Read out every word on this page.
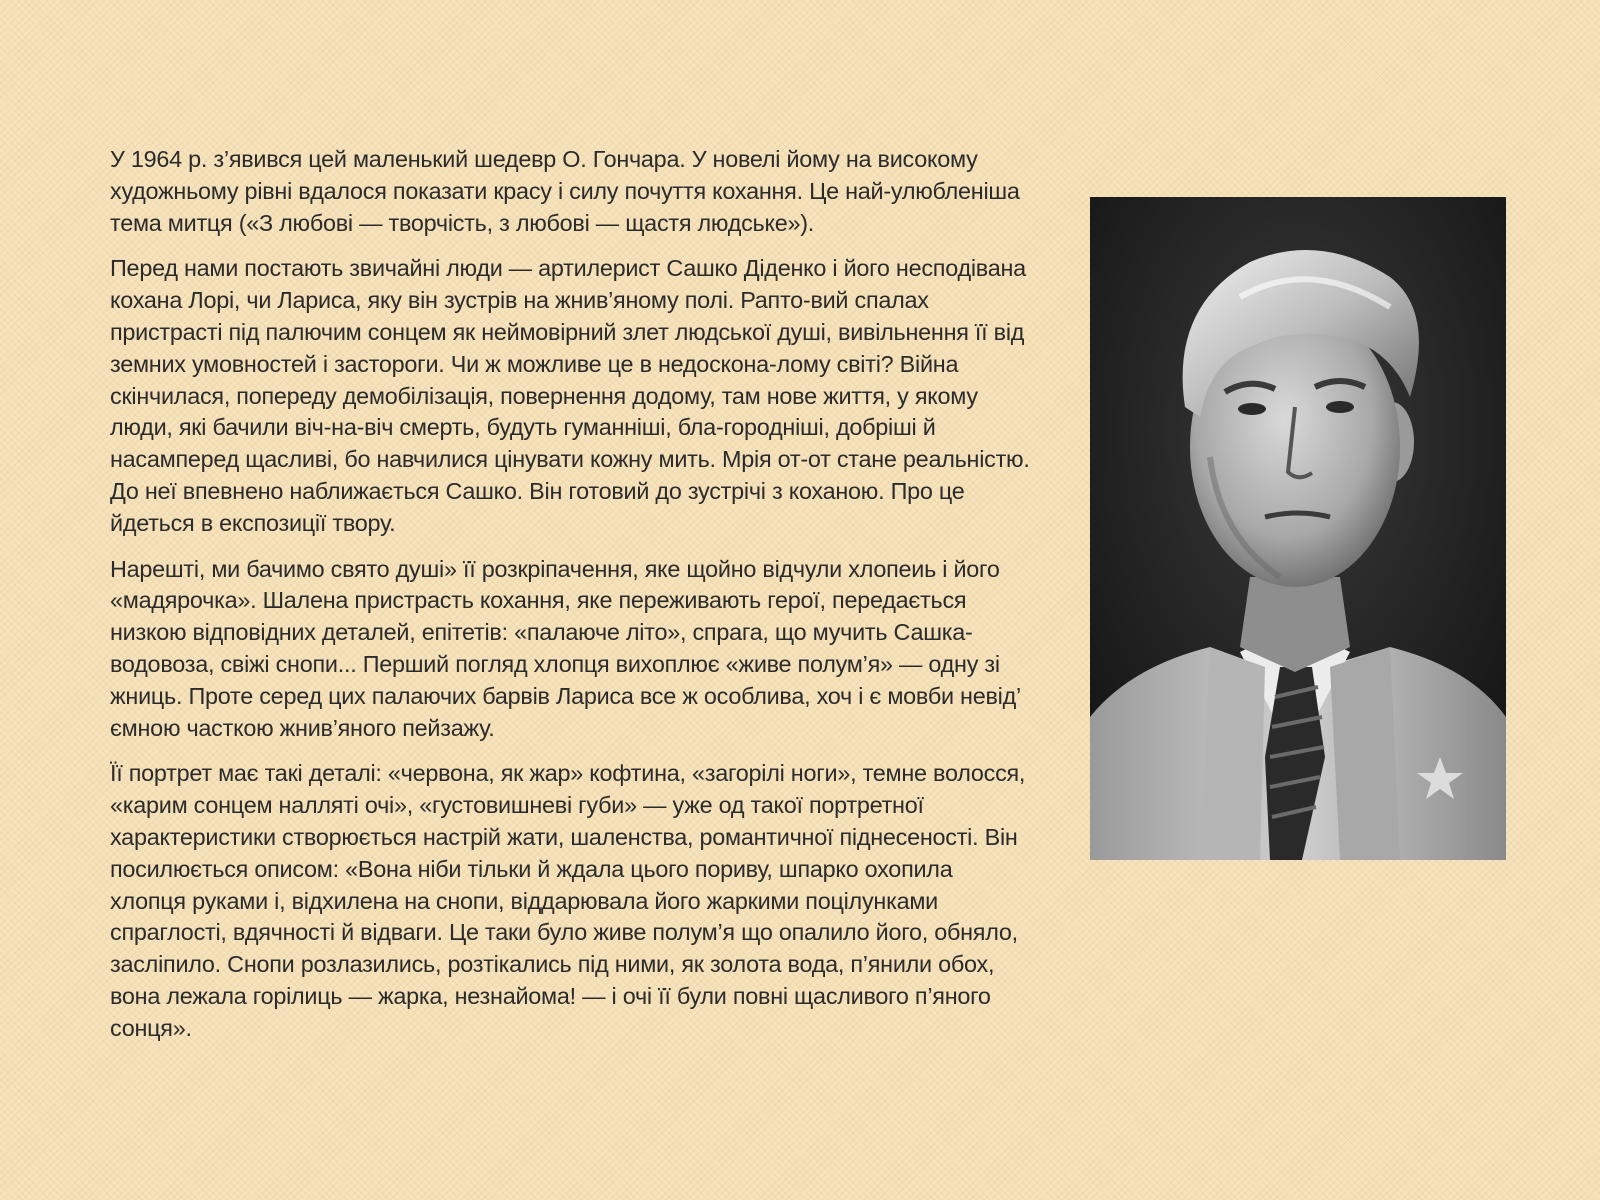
У 1964 р. з’явився цей маленький шедевр О. Гончара. У новелі йому на високому художньому рівні вдалося показати красу і силу почуття кохання. Це най-улюбленіша тема митця («З любові — творчість, з любові — щастя людське»).

Перед нами постають звичайні люди — артилерист Сашко Діденко і його несподівана кохана Лорі, чи Лариса, яку він зустрів на жнив’яному полі. Рапто-вий спалах пристрасті під палючим сонцем як неймовірний злет людської душі, вивільнення її від земних умовностей і застороги. Чи ж можливе це в недоскона-лому світі? Війна скінчилася, попереду демобілізація, повернення додому, там нове життя, у якому люди, які бачили віч-на-віч смерть, будуть гуманніші, бла-городніші, добріші й насамперед щасливі, бо навчилися цінувати кожну мить. Мрія от-от стане реальністю. До неї впевнено наближається Сашко. Він готовий до зустрічі з коханою. Про це йдеться в експозиції твору.

Нарешті, ми бачимо свято душі» її розкріпачення, яке щойно відчули хлопеиь і його «мадярочка». Шалена пристрасть кохання, яке переживають герої, передається низкою відповідних деталей, епітетів: «палаюче літо», спрага, що мучить Сашка-водовоза, свіжі снопи... Перший погляд хлопця вихоплює «живе полум’я» — одну зі жниць. Проте серед цих палаючих барвів Лариса все ж особлива, хоч і є мовби невід’ ємною часткою жнив’яного пейзажу.

Її портрет має такі деталі: «червона, як жар» кофтина, «загорілі ноги», темне волосся, «карим сонцем налляті очі», «густовишневі губи» — уже од такої портретної характеристики створюється настрій жати, шаленства, романтичної піднесеності. Він посилюється описом: «Вона ніби тільки й ждала цього пориву, шпарко охопила хлопця руками і, відхилена на снопи, віддарювала його жаркими поцілунками спраглості, вдячності й відваги. Це таки було живе полум’я що опалило його, обняло, засліпило. Снопи розлазились, розтікались під ними, як золота вода, п’янили обох, вона лежала горілиць — жарка, незнайома! — і очі її були повні щасливого п’яного сонця».
